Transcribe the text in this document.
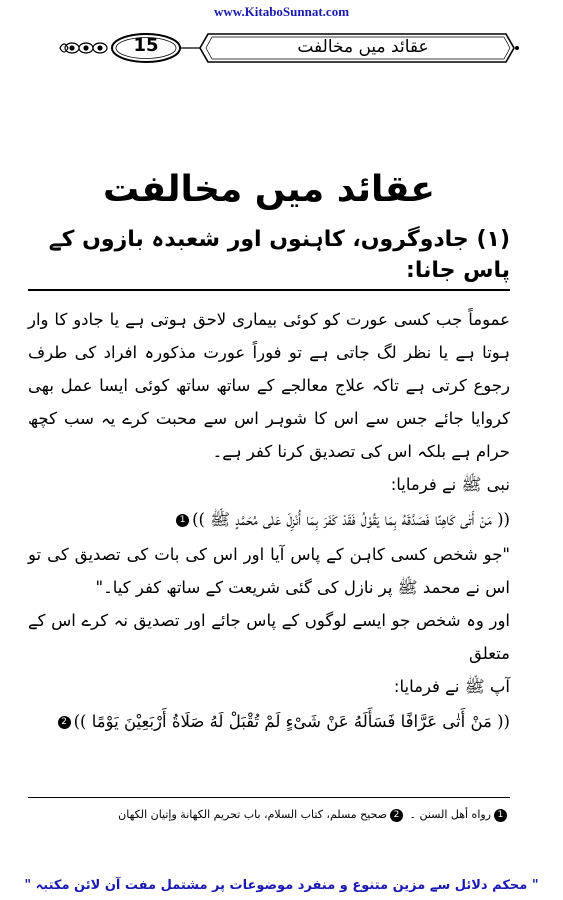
www.KitaboSunnat.com
15	عقائد میں مخالفت
عقائد میں مخالفت
(۱) جادوگروں، کاہنوں اور شعبدہ بازوں کے پاس جانا:

عموماً جب کسی عورت کو کوئی بیماری لاحق ہوتی ہے یا جادو کا وار ہوتا ہے یا نظر لگ جاتی ہے تو فوراً عورت مذکورہ افراد کی طرف رجوع کرتی ہے تاکہ علاج معالجے کے ساتھ ساتھ کوئی ایسا عمل بھی کروایا جائے جس سے اس کا شوہر اس سے محبت کرے یہ سب کچھ حرام ہے بلکہ اس کی تصدیق کرنا کفر ہے۔

نبی ﷺ نے فرمایا:

(( مَنْ أَتٰی کَاهِنًا فَصَدَّقَهُ بِمَا یَقُوْلُ فَقَدْ کَفَرَ بِمَا أُنْزِلَ عَلٰی مُحَمَّدٍ ﷺ ))1

"جو شخص کسی کاہن کے پاس آیا اور اس کی بات کی تصدیق کی تو اس نے محمد ﷺ پر نازل کی گئی شریعت کے ساتھ کفر کیا۔"

اور وہ شخص جو ایسے لوگوں کے پاس جائے اور تصدیق نہ کرے اس کے متعلق

آپ ﷺ نے فرمایا:

(( مَنْ أَتٰی عَرَّافًا فَسَأَلَهُ عَنْ شَیْءٍ لَمْ تُقْبَلْ لَهُ صَلَاةُ أَرْبَعِیْنَ یَوْمًا ))2

1رواه أهل السنن ۔ 2صحیح مسلم، کتاب السلام، باب تحریم الکهانة وإتیان الکهان
" محکم دلائل سے مزین متنوع و منفرد موضوعات پر مشتمل مفت آن لائن مکتبہ "
